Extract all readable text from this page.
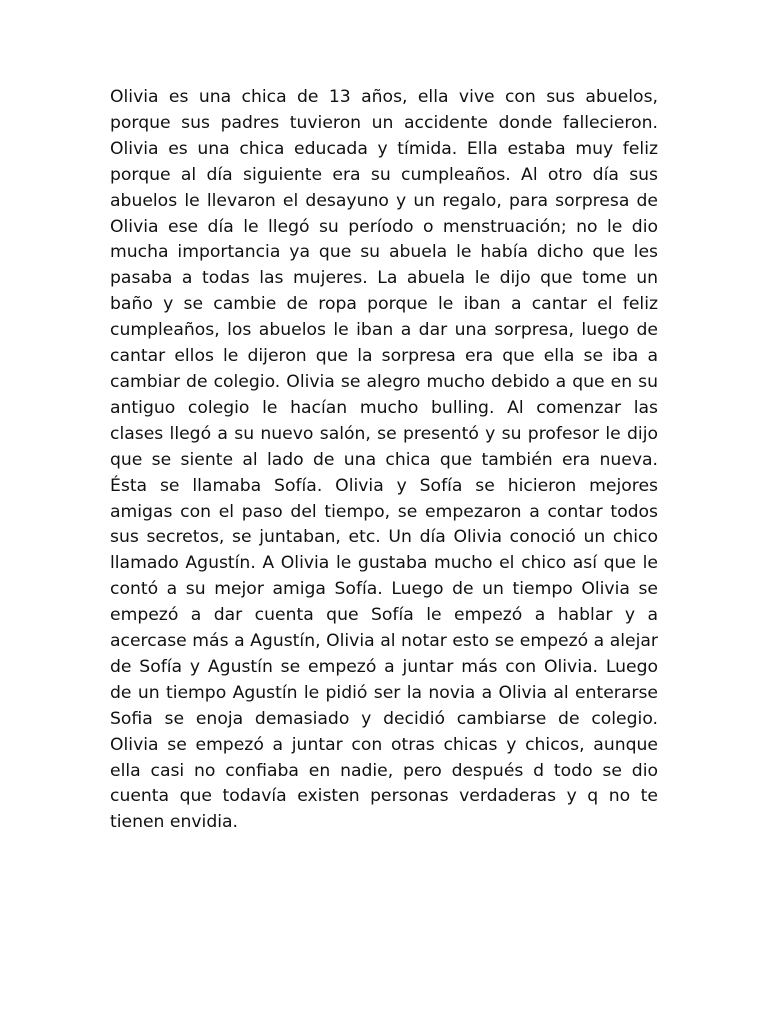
Olivia es una chica de 13 años, ella vive con sus abuelos, porque sus padres tuvieron un accidente donde fallecieron. Olivia es una chica educada y tímida. Ella estaba muy feliz porque al día siguiente era su cumpleaños. Al otro día sus abuelos le llevaron el desayuno y un regalo, para sorpresa de Olivia ese día le llegó su período o menstruación; no le dio mucha importancia ya que su abuela le había dicho que les pasaba a todas las mujeres. La abuela le dijo que tome un baño y se cambie de ropa porque le iban a cantar el feliz cumpleaños, los abuelos le iban a dar una sorpresa, luego de cantar ellos le dijeron que la sorpresa era que ella se iba a cambiar de colegio. Olivia se alegro mucho debido a que en su antiguo colegio le hacían mucho bulling. Al comenzar las clases llegó a su nuevo salón, se presentó y su profesor le dijo que se siente al lado de una chica que también era nueva. Ésta se llamaba Sofía. Olivia y Sofía se hicieron mejores amigas con el paso del tiempo, se empezaron a contar todos sus secretos, se juntaban, etc. Un día Olivia conoció un chico llamado Agustín. A Olivia le gustaba mucho el chico así que le contó a su mejor amiga Sofía. Luego de un tiempo Olivia se empezó a dar cuenta que Sofía le empezó a hablar y a acercase más a Agustín, Olivia al notar esto se empezó a alejar de Sofía y Agustín se empezó a juntar más con Olivia. Luego de un tiempo Agustín le pidió ser la novia a Olivia al enterarse Sofia se enoja demasiado y decidió cambiarse de colegio. Olivia se empezó a juntar con otras chicas y chicos, aunque ella casi no confiaba en nadie, pero después d todo se dio cuenta que todavía existen personas verdaderas y q no te tienen envidia.
